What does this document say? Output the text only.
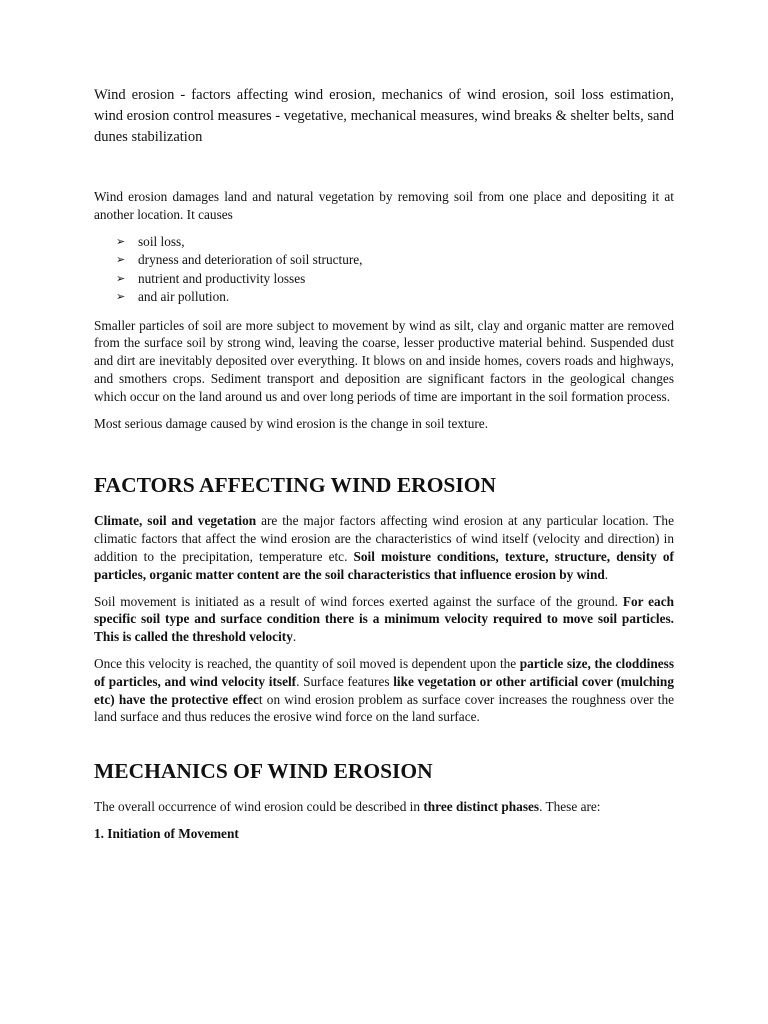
Wind erosion - factors affecting wind erosion, mechanics of wind erosion, soil loss estimation, wind erosion control measures - vegetative, mechanical measures, wind breaks & shelter belts, sand dunes stabilization

Wind erosion damages land and natural vegetation by removing soil from one place and depositing it at another location. It causes

➢ soil loss,
➢ dryness and deterioration of soil structure,
➢ nutrient and productivity losses
➢ and air pollution.

Smaller particles of soil are more subject to movement by wind as silt, clay and organic matter are removed from the surface soil by strong wind, leaving the coarse, lesser productive material behind. Suspended dust and dirt are inevitably deposited over everything. It blows on and inside homes, covers roads and highways, and smothers crops. Sediment transport and deposition are significant factors in the geological changes which occur on the land around us and over long periods of time are important in the soil formation process.

Most serious damage caused by wind erosion is the change in soil texture.

FACTORS AFFECTING WIND EROSION

Climate, soil and vegetation are the major factors affecting wind erosion at any particular location. The climatic factors that affect the wind erosion are the characteristics of wind itself (velocity and direction) in addition to the precipitation, temperature etc. Soil moisture conditions, texture, structure, density of particles, organic matter content are the soil characteristics that influence erosion by wind.

Soil movement is initiated as a result of wind forces exerted against the surface of the ground. For each specific soil type and surface condition there is a minimum velocity required to move soil particles. This is called the threshold velocity.

Once this velocity is reached, the quantity of soil moved is dependent upon the particle size, the cloddiness of particles, and wind velocity itself. Surface features like vegetation or other artificial cover (mulching etc) have the protective effect on wind erosion problem as surface cover increases the roughness over the land surface and thus reduces the erosive wind force on the land surface.

MECHANICS OF WIND EROSION

The overall occurrence of wind erosion could be described in three distinct phases. These are:

1. Initiation of Movement
